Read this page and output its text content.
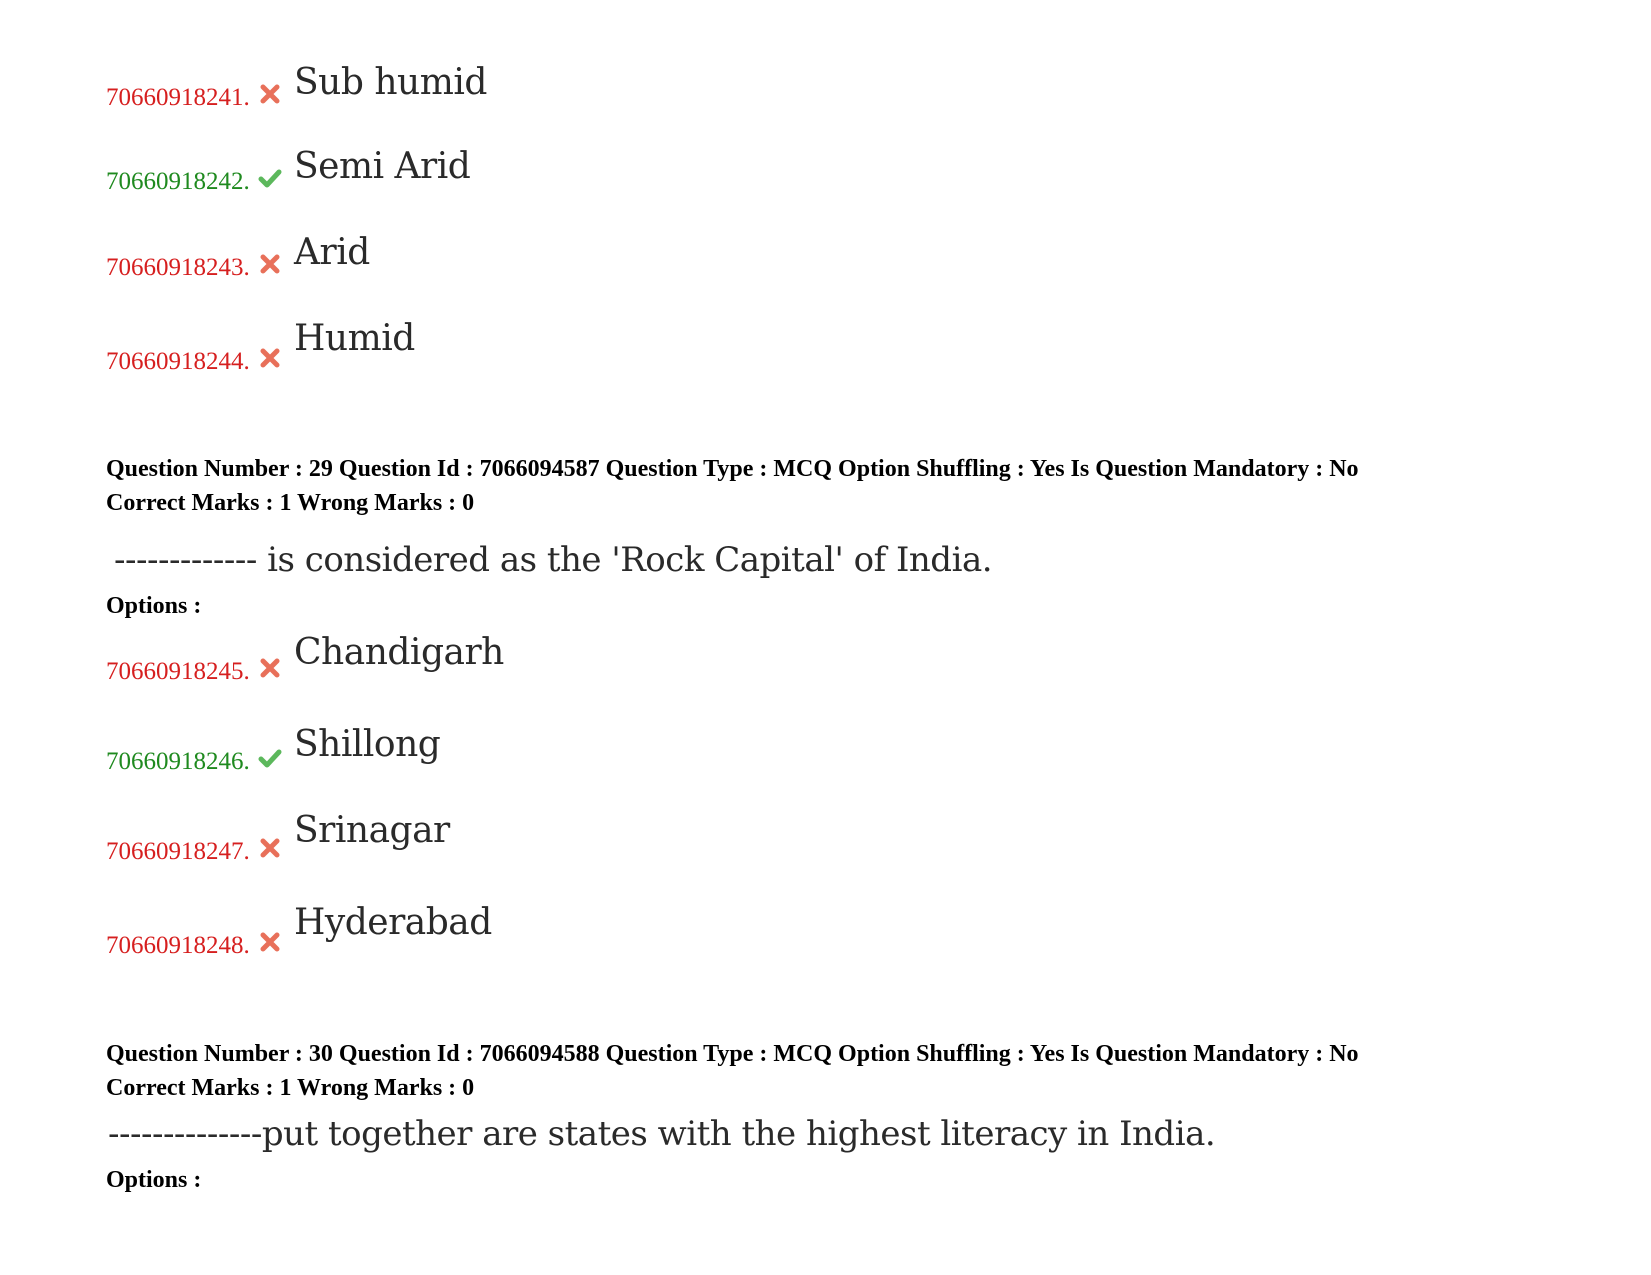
70660918241. Sub humid
70660918242. Semi Arid
70660918243. Arid
70660918244.
Humid
Question Number : 29 Question Id : 7066094587 Question Type : MCQ Option Shuffling : Yes Is Question Mandatory : No
Correct Marks : 1 Wrong Marks : 0
------------- is considered as the 'Rock Capital' of India.
Options :
70660918245. Chandigarh
70660918246. Shillong
70660918247.
Srinagar
70660918248.
Hyderabad
Question Number : 30 Question Id : 7066094588 Question Type : MCQ Option Shuffling : Yes Is Question Mandatory : No
Correct Marks : 1 Wrong Marks : 0
--------------put together are states with the highest literacy in India.
Options :
